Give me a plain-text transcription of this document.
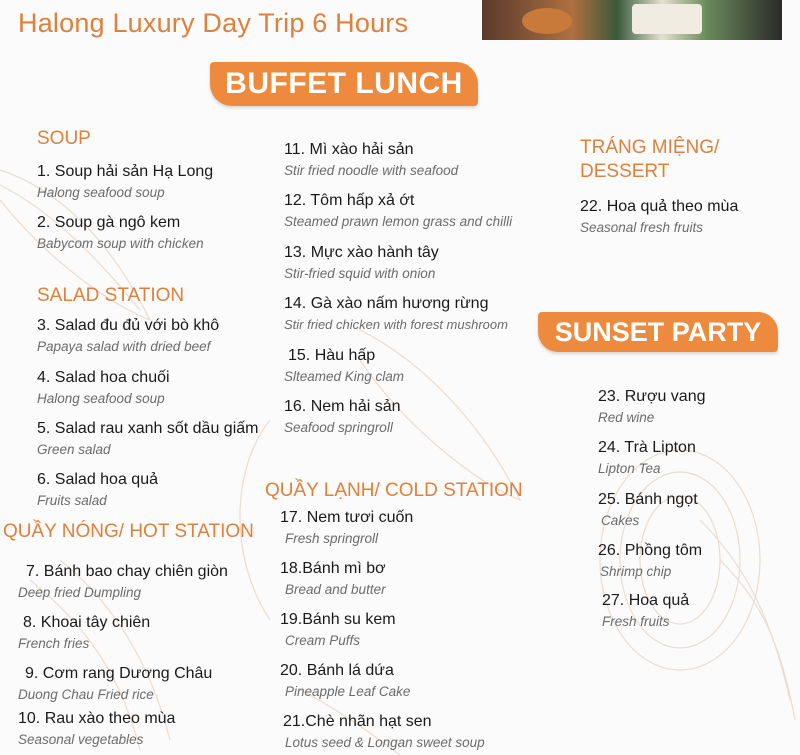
Halong Luxury Day Trip 6 Hours
BUFFET LUNCH
SUNSET PARTY
SOUP
SALAD STATION
QUẦY NÓNG/ HOT STATION
QUẦY LẠNH/ COLD STATION
TRÁNG MIỆNG/
DESSERT
1. Soup hải sản Hạ Long
Halong seafood soup
2. Soup gà ngô kem
Babycom soup with chicken
3. Salad đu đủ với bò khô
Papaya salad with dried beef
4. Salad hoa chuối
Halong seafood soup
5. Salad rau xanh sốt dầu giấm
Green salad
6. Salad hoa quả
Fruits salad
7. Bánh bao chay chiên giòn
Deep fried Dumpling
8. Khoai tây chiên
French fries
9. Cơm rang Dương Châu
Duong Chau Fried rice
10. Rau xào theo mùa
Seasonal vegetables
11. Mì xào hải sản
Stir fried noodle with seafood
12. Tôm hấp xả ớt
Steamed prawn lemon grass and chilli
13. Mực xào hành tây
Stir-fried squid with onion
14. Gà xào nấm hương rừng
Stir fried chicken with forest mushroom
15. Hàu hấp
Slteamed King clam
16. Nem hải sản
Seafood springroll
17. Nem tươi cuốn
Fresh springroll
18.Bánh mì bơ
Bread and butter
19.Bánh su kem
Cream Puffs
20. Bánh lá dứa
Pineapple Leaf Cake
21.Chè nhãn hạt sen
Lotus seed & Longan sweet soup
22. Hoa quả theo mùa
Seasonal fresh fruits
23. Rượu vang
Red wine
24. Trà Lipton
Lipton Tea
25. Bánh ngọt
Cakes
26. Phồng tôm
Shrimp chip
27. Hoa quả
Fresh fruits
